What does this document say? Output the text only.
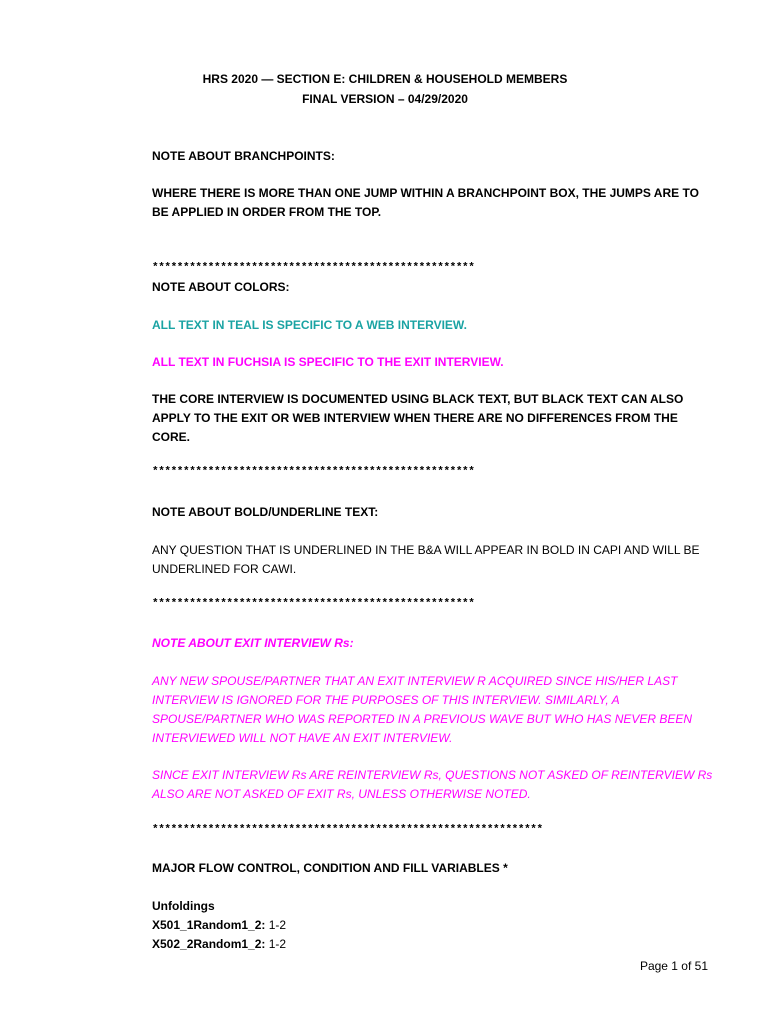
HRS 2020 — SECTION E: CHILDREN & HOUSEHOLD MEMBERS
FINAL VERSION – 04/29/2020
NOTE ABOUT BRANCHPOINTS:
WHERE THERE IS MORE THAN ONE JUMP WITHIN A BRANCHPOINT BOX, THE JUMPS ARE TO
BE APPLIED IN ORDER FROM THE TOP.
****************************************************
NOTE ABOUT COLORS:
ALL TEXT IN TEAL IS SPECIFIC TO A WEB INTERVIEW.
ALL TEXT IN FUCHSIA IS SPECIFIC TO THE EXIT INTERVIEW.
THE CORE INTERVIEW IS DOCUMENTED USING BLACK TEXT, BUT BLACK TEXT CAN ALSO
APPLY TO THE EXIT OR WEB INTERVIEW WHEN THERE ARE NO DIFFERENCES FROM THE
CORE.
****************************************************
NOTE ABOUT BOLD/UNDERLINE TEXT:
ANY QUESTION THAT IS UNDERLINED IN THE B&A WILL APPEAR IN BOLD IN CAPI AND WILL BE
UNDERLINED FOR CAWI.
****************************************************
NOTE ABOUT EXIT INTERVIEW Rs:
ANY NEW SPOUSE/PARTNER THAT AN EXIT INTERVIEW R ACQUIRED SINCE HIS/HER LAST
INTERVIEW IS IGNORED FOR THE PURPOSES OF THIS INTERVIEW. SIMILARLY, A
SPOUSE/PARTNER WHO WAS REPORTED IN A PREVIOUS WAVE BUT WHO HAS NEVER BEEN
INTERVIEWED WILL NOT HAVE AN EXIT INTERVIEW.
SINCE EXIT INTERVIEW Rs ARE REINTERVIEW Rs, QUESTIONS NOT ASKED OF REINTERVIEW Rs
ALSO ARE NOT ASKED OF EXIT Rs, UNLESS OTHERWISE NOTED.
***************************************************************
MAJOR FLOW CONTROL, CONDITION AND FILL VARIABLES *
Unfoldings
X501_1Random1_2: 1-2
X502_2Random1_2: 1-2
Page 1 of 51
